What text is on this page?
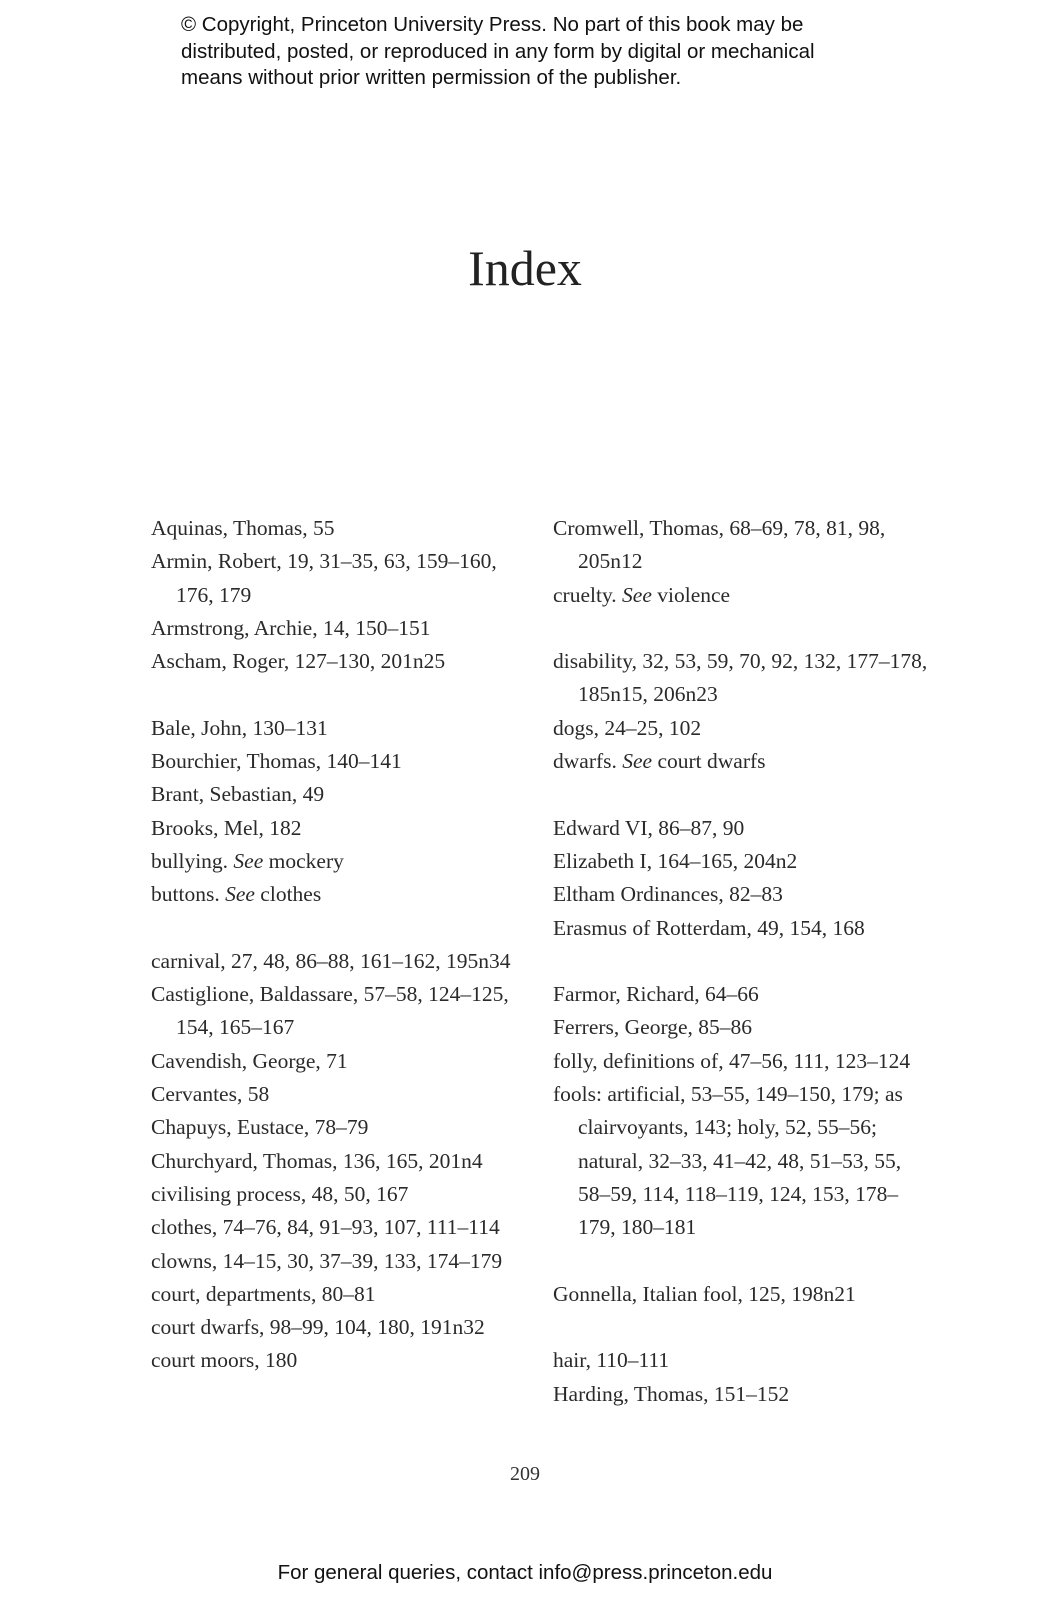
© Copyright, Princeton University Press. No part of this book may be
distributed, posted, or reproduced in any form by digital or mechanical
means without prior written permission of the publisher.
Index
Aquinas, Thomas, 55
Armin, Robert, 19, 31–35, 63, 159–160, 176, 179
Armstrong, Archie, 14, 150–151
Ascham, Roger, 127–130, 201n25
Bale, John, 130–131
Bourchier, Thomas, 140–141
Brant, Sebastian, 49
Brooks, Mel, 182
bullying. See mockery
buttons. See clothes
carnival, 27, 48, 86–88, 161–162, 195n34
Castiglione, Baldassare, 57–58, 124–125, 154, 165–167
Cavendish, George, 71
Cervantes, 58
Chapuys, Eustace, 78–79
Churchyard, Thomas, 136, 165, 201n4
civilising process, 48, 50, 167
clothes, 74–76, 84, 91–93, 107, 111–114
clowns, 14–15, 30, 37–39, 133, 174–179
court, departments, 80–81
court dwarfs, 98–99, 104, 180, 191n32
court moors, 180
Cromwell, Thomas, 68–69, 78, 81, 98, 205n12
cruelty. See violence
disability, 32, 53, 59, 70, 92, 132, 177–178, 185n15, 206n23
dogs, 24–25, 102
dwarfs. See court dwarfs
Edward VI, 86–87, 90
Elizabeth I, 164–165, 204n2
Eltham Ordinances, 82–83
Erasmus of Rotterdam, 49, 154, 168
Farmor, Richard, 64–66
Ferrers, George, 85–86
folly, definitions of, 47–56, 111, 123–124
fools: artificial, 53–55, 149–150, 179; as clairvoyants, 143; holy, 52, 55–56; natural, 32–33, 41–42, 48, 51–53, 55, 58–59, 114, 118–119, 124, 153, 178–179, 180–181
Gonnella, Italian fool, 125, 198n21
hair, 110–111
Harding, Thomas, 151–152
209
For general queries, contact info@press.princeton.edu
